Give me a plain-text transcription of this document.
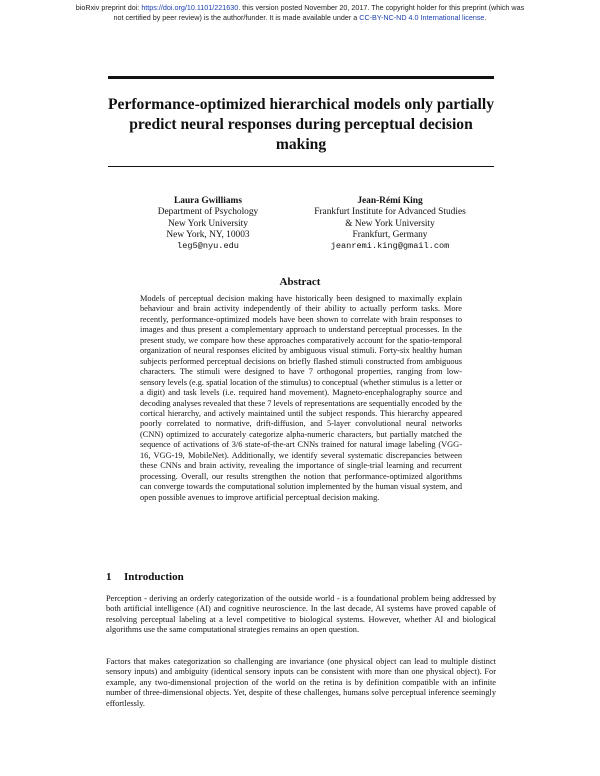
bioRxiv preprint doi: https://doi.org/10.1101/221630. this version posted November 20, 2017. The copyright holder for this preprint (which was
not certified by peer review) is the author/funder. It is made available under a CC-BY-NC-ND 4.0 International license.
Performance-optimized hierarchical models only partially predict neural responses during perceptual decision making
Laura Gwilliams
Department of Psychology
New York University
New York, NY, 10003
leg5@nyu.edu
Jean-Rémi King
Frankfurt Institute for Advanced Studies
& New York University
Frankfurt, Germany
jeanremi.king@gmail.com
Abstract
Models of perceptual decision making have historically been designed to maximally explain behaviour and brain activity independently of their ability to actually perform tasks. More recently, performance-optimized models have been shown to correlate with brain responses to images and thus present a complementary approach to understand perceptual processes. In the present study, we compare how these approaches comparatively account for the spatio-temporal organization of neural responses elicited by ambiguous visual stimuli. Forty-six healthy human subjects performed perceptual decisions on briefly flashed stimuli constructed from ambiguous characters. The stimuli were designed to have 7 orthogonal properties, ranging from low-sensory levels (e.g. spatial location of the stimulus) to conceptual (whether stimulus is a letter or a digit) and task levels (i.e. required hand movement). Magneto-encephalography source and decoding analyses revealed that these 7 levels of representations are sequentially encoded by the cortical hierarchy, and actively maintained until the subject responds. This hierarchy appeared poorly correlated to normative, drift-diffusion, and 5-layer convolutional neural networks (CNN) optimized to accurately categorize alpha-numeric characters, but partially matched the sequence of activations of 3/6 state-of-the-art CNNs trained for natural image labeling (VGG-16, VGG-19, MobileNet). Additionally, we identify several systematic discrepancies between these CNNs and brain activity, revealing the importance of single-trial learning and recurrent processing. Overall, our results strengthen the notion that performance-optimized algorithms can converge towards the computational solution implemented by the human visual system, and open possible avenues to improve artificial perceptual decision making.
1 Introduction
Perception - deriving an orderly categorization of the outside world - is a foundational problem being addressed by both artificial intelligence (AI) and cognitive neuroscience. In the last decade, AI systems have proved capable of resolving perceptual labeling at a level competitive to biological systems. However, whether AI and biological algorithms use the same computational strategies remains an open question.
Factors that makes categorization so challenging are invariance (one physical object can lead to multiple distinct sensory inputs) and ambiguity (identical sensory inputs can be consistent with more than one physical object). For example, any two-dimensional projection of the world on the retina is by definition compatible with an infinite number of three-dimensional objects. Yet, despite of these challenges, humans solve perceptual inference seemingly effortlessly.
